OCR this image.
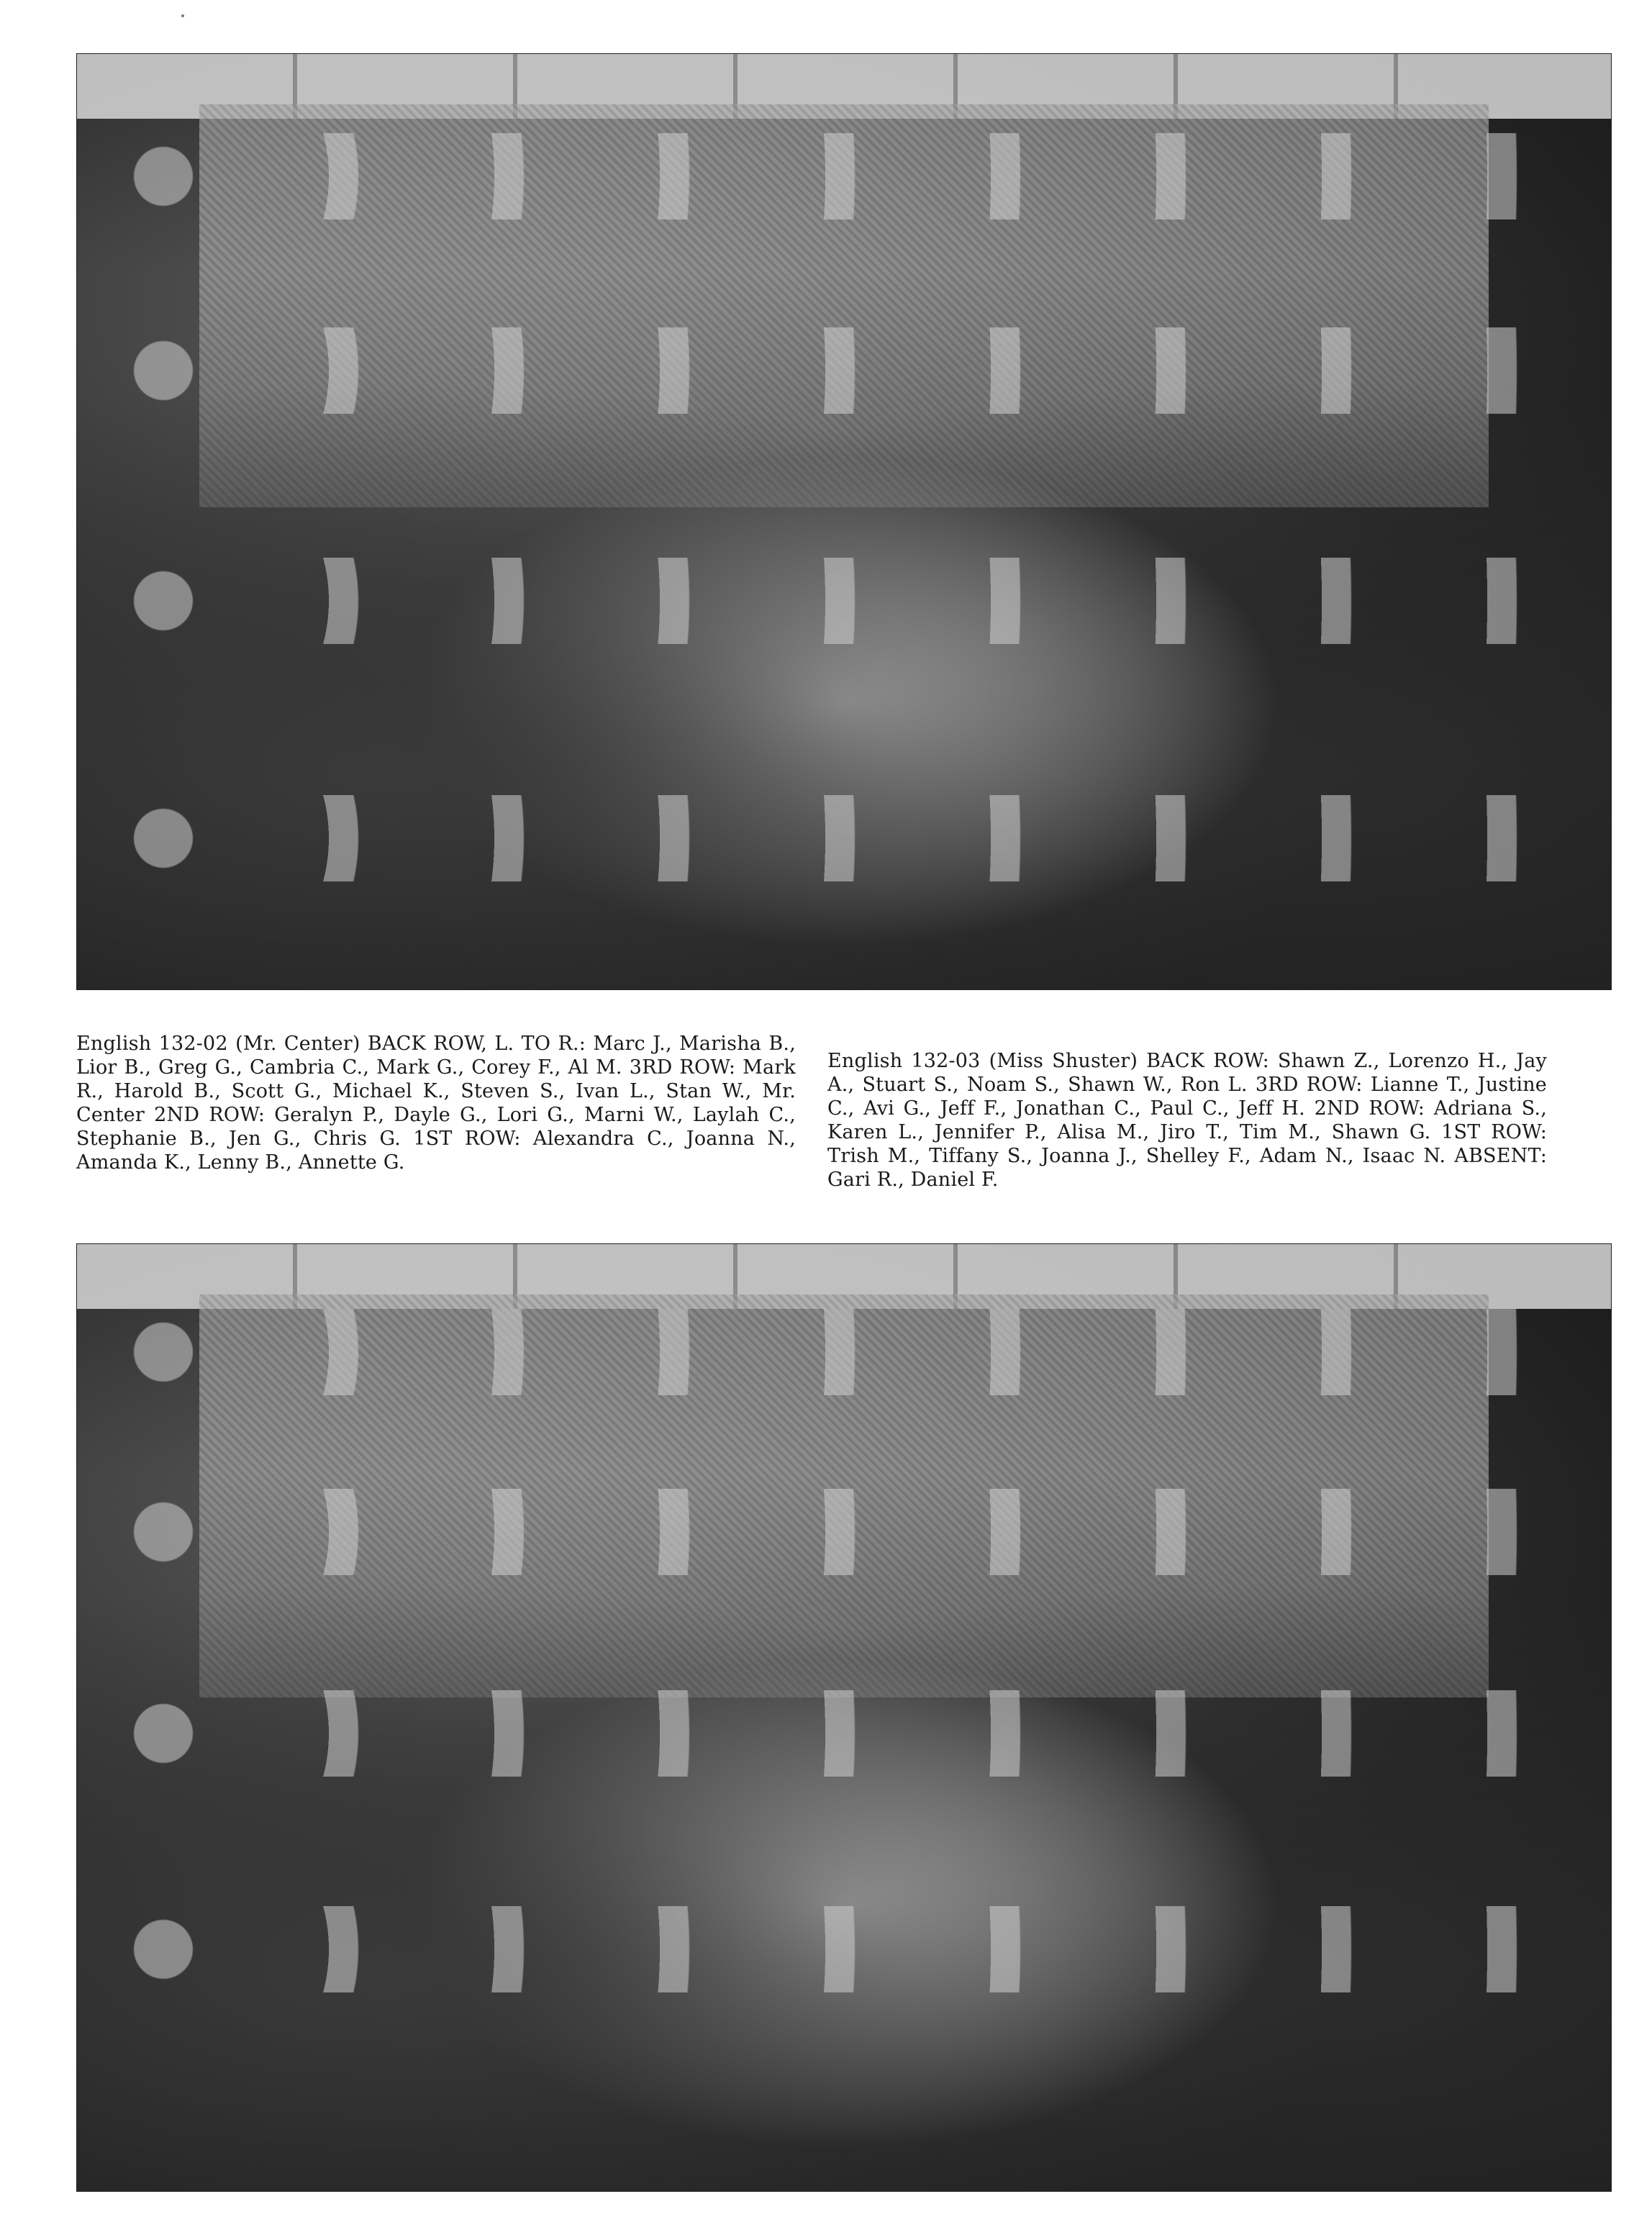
English 132-02 (Mr. Center) BACK ROW, L. TO R.: Marc J., Marisha B., Lior B., Greg G., Cambria C., Mark G., Corey F., Al M. 3RD ROW: Mark R., Harold B., Scott G., Michael K., Steven S., Ivan L., Stan W., Mr. Center 2ND ROW: Geralyn P., Dayle G., Lori G., Marni W., Laylah C., Stephanie B., Jen G., Chris G. 1ST ROW: Alexandra C., Joanna N., Amanda K., Lenny B., Annette G.

English 132-03 (Miss Shuster) BACK ROW: Shawn Z., Lorenzo H., Jay A., Stuart S., Noam S., Shawn W., Ron L. 3RD ROW: Lianne T., Justine C., Avi G., Jeff F., Jonathan C., Paul C., Jeff H. 2ND ROW: Adriana S., Karen L., Jennifer P., Alisa M., Jiro T., Tim M., Shawn G. 1ST ROW: Trish M., Tiffany S., Joanna J., Shelley F., Adam N., Isaac N. ABSENT: Gari R., Daniel F.
